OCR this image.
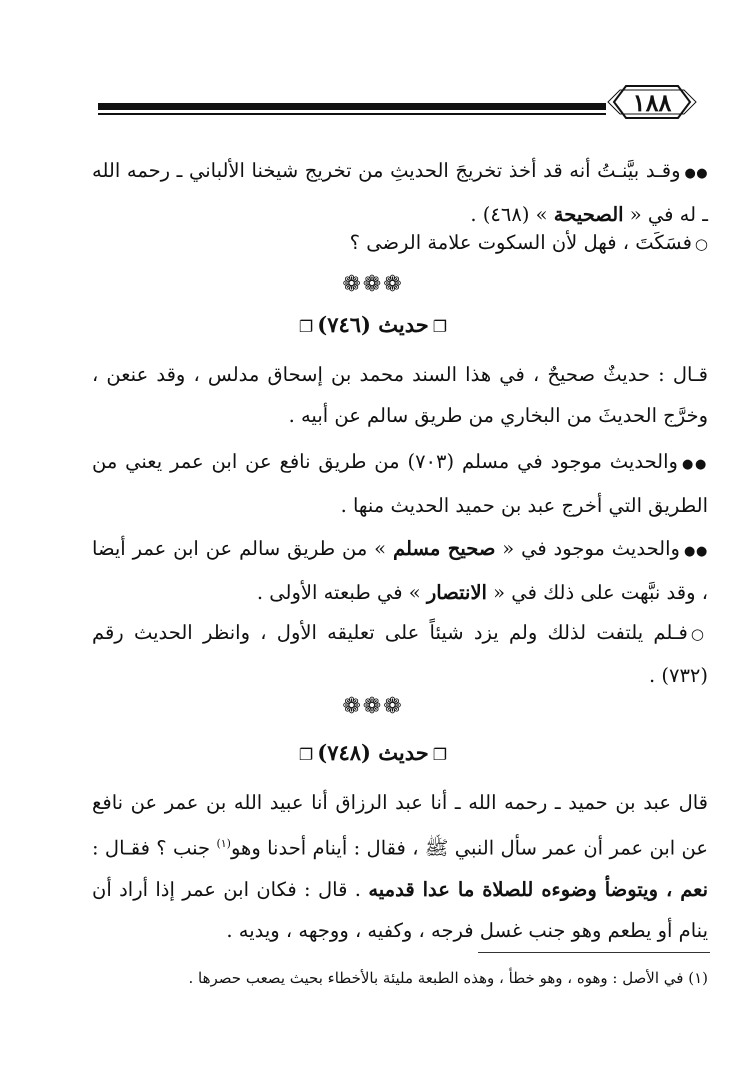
١٨٨

●●وقـد بيَّنـتُ أنه قد أخذ تخريجَ الحديثِ من تخريج شيخنا الألباني ـ رحمه الله ـ له في « الصحيحة » (٤٦٨) .

○فسَكَتَ ، فهل لأن السكوت علامة الرضى ؟

❁❁❁
❐حديث (٧٤٦)❐

قـال : حديثٌ صحيحٌ ، في هذا السند محمد بن إسحاق مدلس ، وقد عنعن ، وخرَّج الحديثَ من البخاري من طريق سالم عن أبيه .

●●والحديث موجود في مسلم (٧٠٣) من طريق نافع عن ابن عمر يعني من الطريق التي أخرج عبد بن حميد الحديث منها .

●●والحديث موجود في « صحيح مسلم » من طريق سالم عن ابن عمر أيضا ، وقد نبَّهت على ذلك في « الانتصار » في طبعته الأولى .

○فـلم يلتفت لذلك ولم يزد شيئاً على تعليقه الأول ، وانظر الحديث رقم (٧٣٢) .

❁❁❁
❐حديث (٧٤٨)❐

قال عبد بن حميد ـ رحمه الله ـ أنا عبد الرزاق أنا عبيد الله بن عمر عن نافع عن ابن عمر أن عمر سأل النبي ﷺ ، فقال : أينام أحدنا وهو$^{(١)}$ جنب ؟ فقـال : نعم ، ويتوضأ وضوءه للصلاة ما عدا قدميه . قال : فكان ابن عمر إذا أراد أن ينام أو يطعم وهو جنب غسل فرجه ، وكفيه ، ووجهه ، ويديه .

(١) في الأصل : وهوه ، وهو خطأ ، وهذه الطبعة مليئة بالأخطاء بحيث يصعب حصرها .
